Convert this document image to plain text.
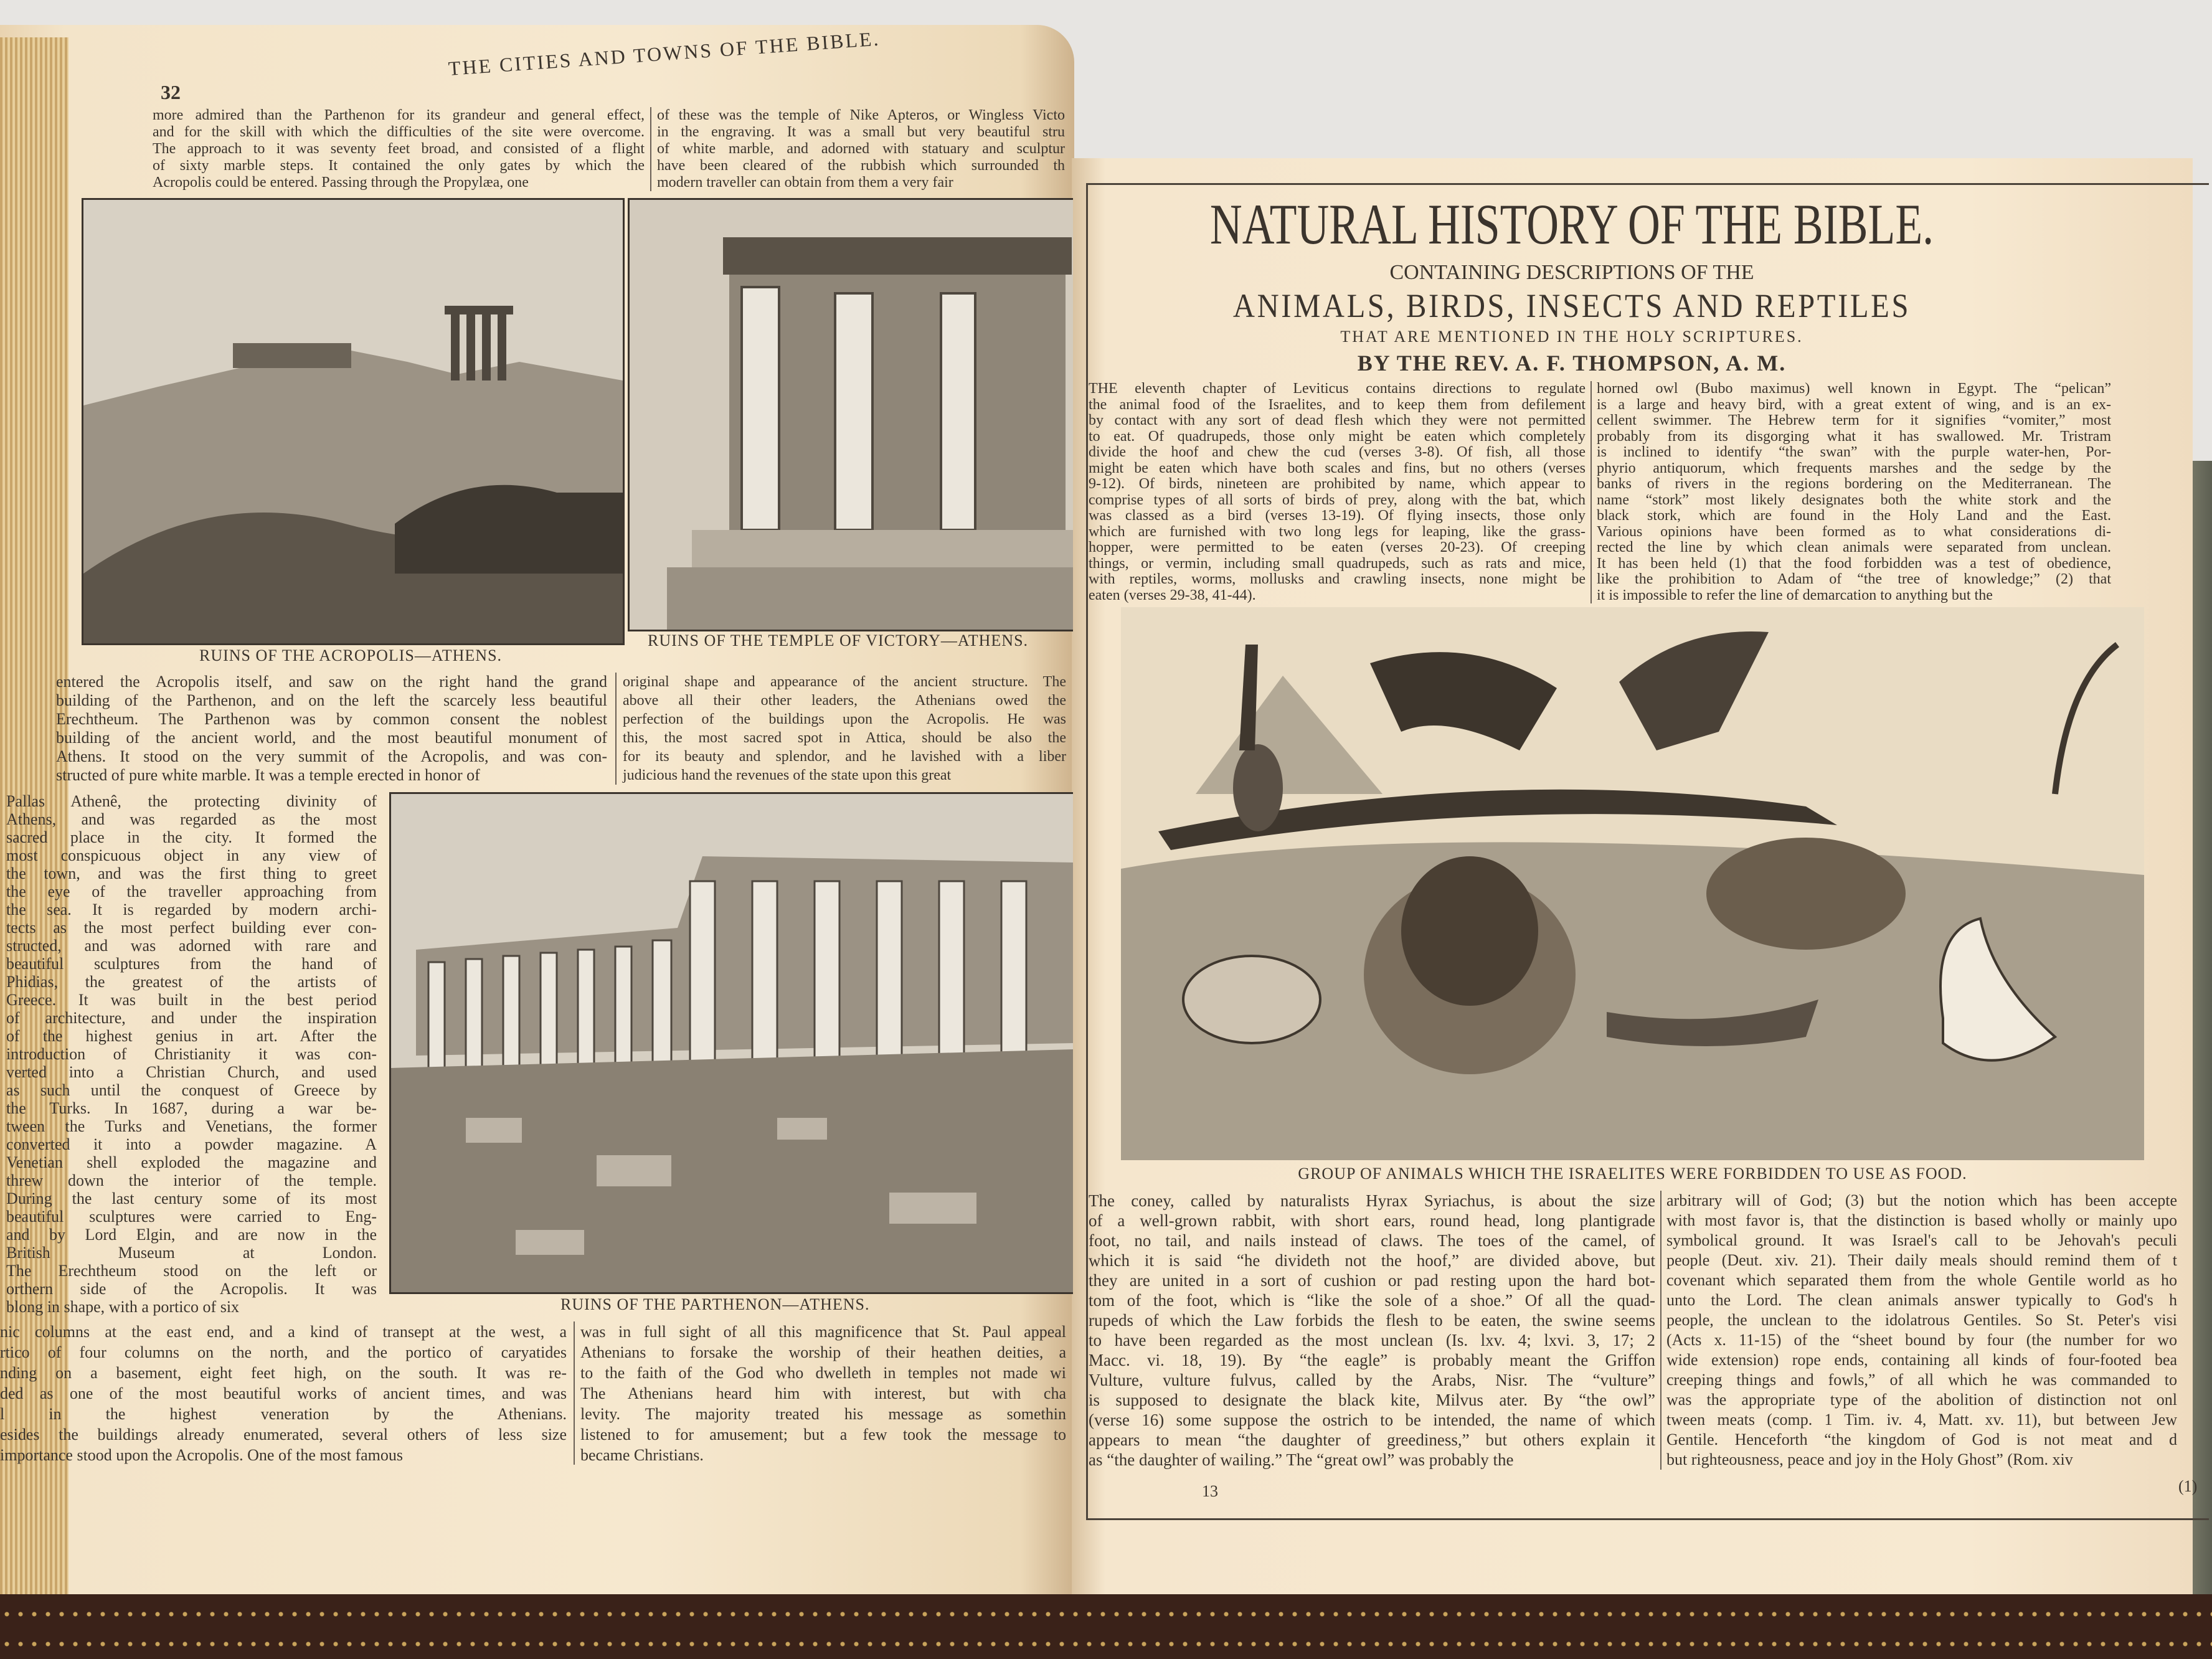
THE CITIES AND TOWNS OF THE BIBLE.
32
more admired than the Parthenon for its grandeur and general effect,
and for the skill with which the difficulties of the site were overcome.
The approach to it was seventy feet broad, and consisted of a flight
of sixty marble steps. It contained the only gates by which the
Acropolis could be entered. Passing through the Propylæa, one
of these was the temple of Nike Apteros, or Wingless Victo
in the engraving. It was a small but very beautiful stru
of white marble, and adorned with statuary and sculptur
have been cleared of the rubbish which surrounded th
modern traveller can obtain from them a very fair
RUINS OF THE ACROPOLIS—ATHENS.
RUINS OF THE TEMPLE OF VICTORY—ATHENS.
entered the Acropolis itself, and saw on the right hand the grand
building of the Parthenon, and on the left the scarcely less beautiful
Erechtheum. The Parthenon was by common consent the noblest
building of the ancient world, and the most beautiful monument of
Athens. It stood on the very summit of the Acropolis, and was con-
structed of pure white marble. It was a temple erected in honor of
original shape and appearance of the ancient structure. The
above all their other leaders, the Athenians owed the
perfection of the buildings upon the Acropolis. He was
this, the most sacred spot in Attica, should be also the
for its beauty and splendor, and he lavished with a liber
judicious hand the revenues of the state upon this great
Pallas Athenê, the protecting divinity of
Athens, and was regarded as the most
sacred place in the city. It formed the
most conspicuous object in any view of
the town, and was the first thing to greet
the eye of the traveller approaching from
the sea. It is regarded by modern archi-
tects as the most perfect building ever con-
structed, and was adorned with rare and
beautiful sculptures from the hand of
Phidias, the greatest of the artists of
Greece. It was built in the best period
of architecture, and under the inspiration
of the highest genius in art. After the
introduction of Christianity it was con-
verted into a Christian Church, and used
as such until the conquest of Greece by
the Turks. In 1687, during a war be-
tween the Turks and Venetians, the former
converted it into a powder magazine. A
Venetian shell exploded the magazine and
threw down the interior of the temple.
During the last century some of its most
beautiful sculptures were carried to Eng-
and by Lord Elgin, and are now in the
British Museum at London.
The Erechtheum stood on the left or
orthern side of the Acropolis. It was
blong in shape, with a portico of six	RUINS OF THE PARTHENON—ATHENS.
nic columns at the east end, and a kind of transept at the west, a
rtico of four columns on the north, and the portico of caryatides
nding on a basement, eight feet high, on the south. It was re-
ded as one of the most beautiful works of ancient times, and was
l in the highest veneration by the Athenians.
esides the buildings already enumerated, several others of less size
importance stood upon the Acropolis. One of the most famous
was in full sight of all this magnificence that St. Paul appeal
Athenians to forsake the worship of their heathen deities, a
to the faith of the God who dwelleth in temples not made wi
The Athenians heard him with interest, but with cha
levity. The majority treated his message as somethin
listened to for amusement; but a few took the message to
became Christians.
NATURAL HISTORY OF THE BIBLE.
CONTAINING DESCRIPTIONS OF THE
ANIMALS, BIRDS, INSECTS AND REPTILES
THAT ARE MENTIONED IN THE HOLY SCRIPTURES.
BY THE REV. A. F. THOMPSON, A. M.
THE eleventh chapter of Leviticus contains directions to regulate
the animal food of the Israelites, and to keep them from defilement
by contact with any sort of dead flesh which they were not permitted
to eat. Of quadrupeds, those only might be eaten which completely
divide the hoof and chew the cud (verses 3-8). Of fish, all those
might be eaten which have both scales and fins, but no others (verses
9-12). Of birds, nineteen are prohibited by name, which appear to
comprise types of all sorts of birds of prey, along with the bat, which
was classed as a bird (verses 13-19). Of flying insects, those only
which are furnished with two long legs for leaping, like the grass-
hopper, were permitted to be eaten (verses 20-23). Of creeping
things, or vermin, including small quadrupeds, such as rats and mice,
with reptiles, worms, mollusks and crawling insects, none might be
eaten (verses 29-38, 41-44).
horned owl (Bubo maximus) well known in Egypt. The “pelican”
is a large and heavy bird, with a great extent of wing, and is an ex-
cellent swimmer. The Hebrew term for it signifies “vomiter,” most
probably from its disgorging what it has swallowed. Mr. Tristram
is inclined to identify “the swan” with the purple water-hen, Por-
phyrio antiquorum, which frequents marshes and the sedge by the
banks of rivers in the regions bordering on the Mediterranean. The
name “stork” most likely designates both the white stork and the
black stork, which are found in the Holy Land and the East.
Various opinions have been formed as to what considerations di-
rected the line by which clean animals were separated from unclean.
It has been held (1) that the food forbidden was a test of obedience,
like the prohibition to Adam of “the tree of knowledge;” (2) that
it is impossible to refer the line of demarcation to anything but the
GROUP OF ANIMALS WHICH THE ISRAELITES WERE FORBIDDEN TO USE AS FOOD.
The coney, called by naturalists Hyrax Syriachus, is about the size
of a well-grown rabbit, with short ears, round head, long plantigrade
foot, no tail, and nails instead of claws. The toes of the camel, of
which it is said “he divideth not the hoof,” are divided above, but
they are united in a sort of cushion or pad resting upon the hard bot-
tom of the foot, which is “like the sole of a shoe.” Of all the quad-
rupeds of which the Law forbids the flesh to be eaten, the swine seems
to have been regarded as the most unclean (Is. lxv. 4; lxvi. 3, 17; 2
Macc. vi. 18, 19). By “the eagle” is probably meant the Griffon
Vulture, vulture fulvus, called by the Arabs, Nisr. The “vulture”
is supposed to designate the black kite, Milvus ater. By “the owl”
(verse 16) some suppose the ostrich to be intended, the name of which
appears to mean “the daughter of greediness,” but others explain it
as “the daughter of wailing.” The “great owl” was probably the
arbitrary will of God; (3) but the notion which has been accepte
with most favor is, that the distinction is based wholly or mainly upo
symbolical ground. It was Israel's call to be Jehovah's peculi
people (Deut. xiv. 21). Their daily meals should remind them of t
covenant which separated them from the whole Gentile world as ho
unto the Lord. The clean animals answer typically to God's h
people, the unclean to the idolatrous Gentiles. So St. Peter's visi
(Acts x. 11-15) of the “sheet bound by four (the number for wo
wide extension) rope ends, containing all kinds of four-footed bea
creeping things and fowls,” of all which he was commanded to
was the appropriate type of the abolition of distinction not onl
tween meats (comp. 1 Tim. iv. 4, Matt. xv. 11), but between Jew
Gentile. Henceforth “the kingdom of God is not meat and d
but righteousness, peace and joy in the Holy Ghost” (Rom. xiv
13	(1)
